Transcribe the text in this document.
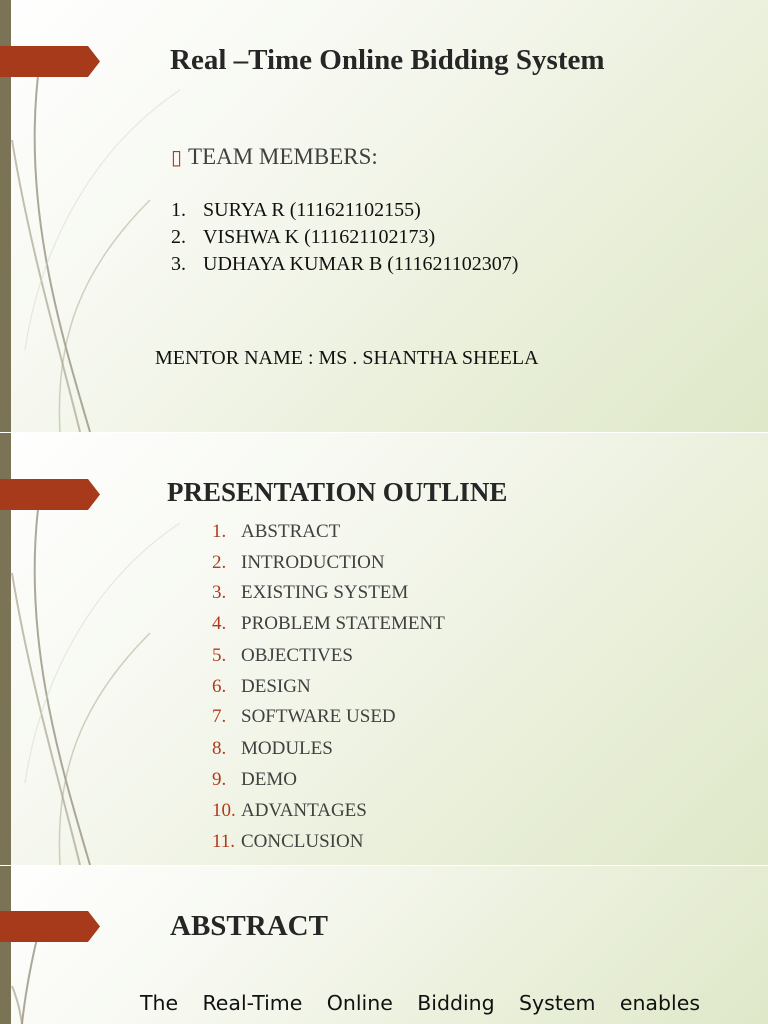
Real –Time Online Bidding System
▯ TEAM MEMBERS:
1. SURYA R (111621102155)
2. VISHWA K (111621102173)
3. UDHAYA KUMAR B (111621102307)
MENTOR NAME : MS . SHANTHA SHEELA
PRESENTATION OUTLINE
1. ABSTRACT
2. INTRODUCTION
3. EXISTING SYSTEM
4. PROBLEM STATEMENT
5. OBJECTIVES
6. DESIGN
7. SOFTWARE USED
8. MODULES
9. DEMO
10. ADVANTAGES
11. CONCLUSION
ABSTRACT
The Real-Time Online Bidding System enables
